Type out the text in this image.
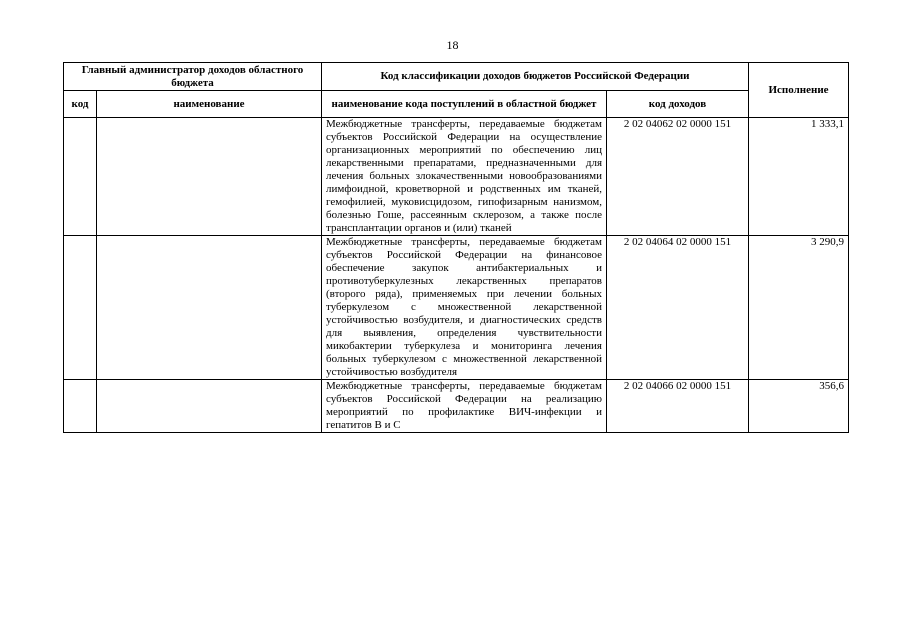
18
Главный администратор доходов областного бюджета		Код классификации доходов бюджетов Российской Федерации		Исполнение
код	наименование	наименование кода поступлений в областной бюджет	код доходов	
		Межбюджетные трансферты, передаваемые бюджетам субъектов Российской Федерации на осуществление организационных мероприятий по обеспечению лиц лекарственными препаратами, предназначенными для лечения больных злокачественными новообразованиями лимфоидной, кроветворной и родственных им тканей, гемофилией, муковисцидозом, гипофизарным нанизмом, болезнью Гоше, рассеянным склерозом, а также после трансплантации органов и (или) тканей	2 02 04062 02 0000 151	1 333,1
		Межбюджетные трансферты, передаваемые бюджетам субъектов Российской Федерации на финансовое обеспечение закупок антибактериальных и противотуберкулезных лекарственных препаратов (второго ряда), применяемых при лечении больных туберкулезом с множественной лекарственной устойчивостью возбудителя, и диагностических средств для выявления, определения чувствительности микобактерии туберкулеза и мониторинга лечения больных туберкулезом с множественной лекарственной устойчивостью возбудителя	2 02 04064 02 0000 151	3 290,9
		Межбюджетные трансферты, передаваемые бюджетам субъектов Российской Федерации на реализацию мероприятий по профилактике ВИЧ-инфекции и гепатитов В и С	2 02 04066 02 0000 151	356,6
